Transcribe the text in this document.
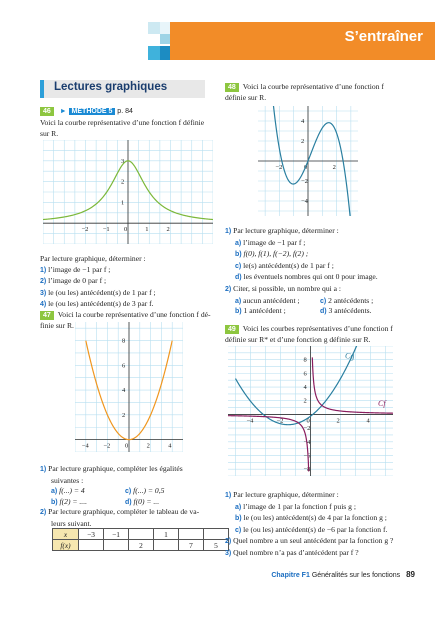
S’entraîner
Lectures graphiques
46 ► MÉTHODE 5 p. 84
Voici la courbe représentative d’une fonction f définie
sur R.
−2 −1 0	1	2
3
2
1
Par lecture graphique, déterminer :
1) l’image de −1 par f ;
2) l’image de 0 par f ;
3) le (ou les) antécédent(s) de 1 par f ;
4) le (ou les) antécédent(s) de 3 par f.
47 Voici la courbe représentative d’une fonction f dé-
finie sur R.
−4 −2 0	2	4
8
6
4
2
1) Par lecture graphique, compléter les égalités
suivantes :
a) f(...) = 4	c) f(...) = 0,5
b) f(2) = ....	d) f(0) = ...
2) Par lecture graphique, compléter le tableau de va-
leurs suivant.
x	−3	−1		1		
f(x)			2		7	5
48 Voici la courbe représentative d’une fonction f
définie sur R.
−2	0	2
4
2
−2
−4
1) Par lecture graphique, déterminer :
a) l’image de −1 par f ;
b) f(0), f(1), f(−2), f(2) ;
c) le(s) antécédent(s) de 1 par f ;
d) les éventuels nombres qui ont 0 pour image.
2) Citer, si possible, un nombre qui a :
a) aucun antécédent ;	c) 2 antécédents ;
b) 1 antécédent ;	d) 3 antécédents.
49 Voici les courbes représentatives d’une fonction f
définie sur R* et d’une fonction g définie sur R.
−4	−2	0	2	4
8
6
4
2
−2
−4
−6
−8
Cg
Cf
1) Par lecture graphique, déterminer :
a) l’image de 1 par la fonction f puis g ;
b) le (ou les) antécédent(s) de 4 par la fonction g ;
c) le (ou les) antécédent(s) de −6 par la fonction f.
2) Quel nombre a un seul antécédent par la fonction g ?
3) Quel nombre n’a pas d’antécédent par f ?
Chapitre F1 Généralités sur les fonctions 89
